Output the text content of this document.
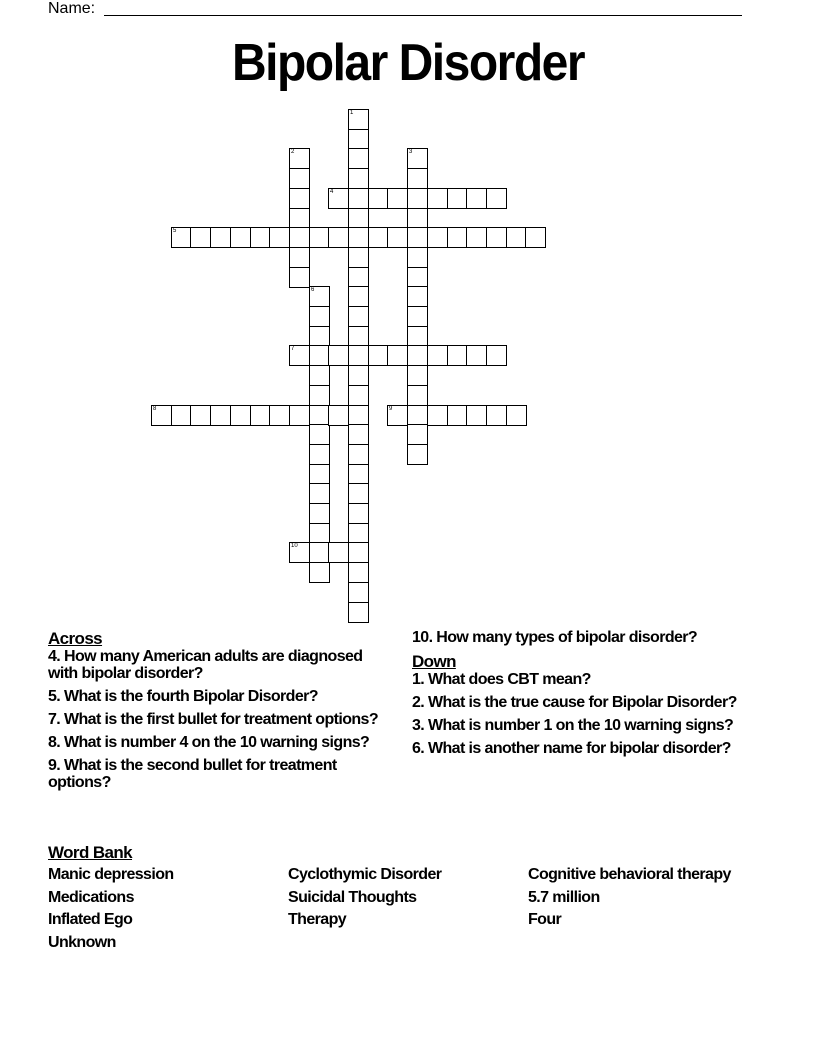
Name:
Bipolar Disorder
1
2	3
4
5
6
7
8	9
10
Across
4. How many American adults are diagnosed with bipolar disorder?
5. What is the fourth Bipolar Disorder?
7. What is the first bullet for treatment options?
8. What is number 4 on the 10 warning signs?
9. What is the second bullet for treatment options?
10. How many types of bipolar disorder?
Down
1. What does CBT mean?
2. What is the true cause for Bipolar Disorder?
3. What is number 1 on the 10 warning signs?
6. What is another name for bipolar disorder?
Word Bank
Manic depression	Cyclothymic Disorder	Cognitive behavioral therapy
Medications	Suicidal Thoughts	5.7 million
Inflated Ego	Therapy	Four
Unknown
